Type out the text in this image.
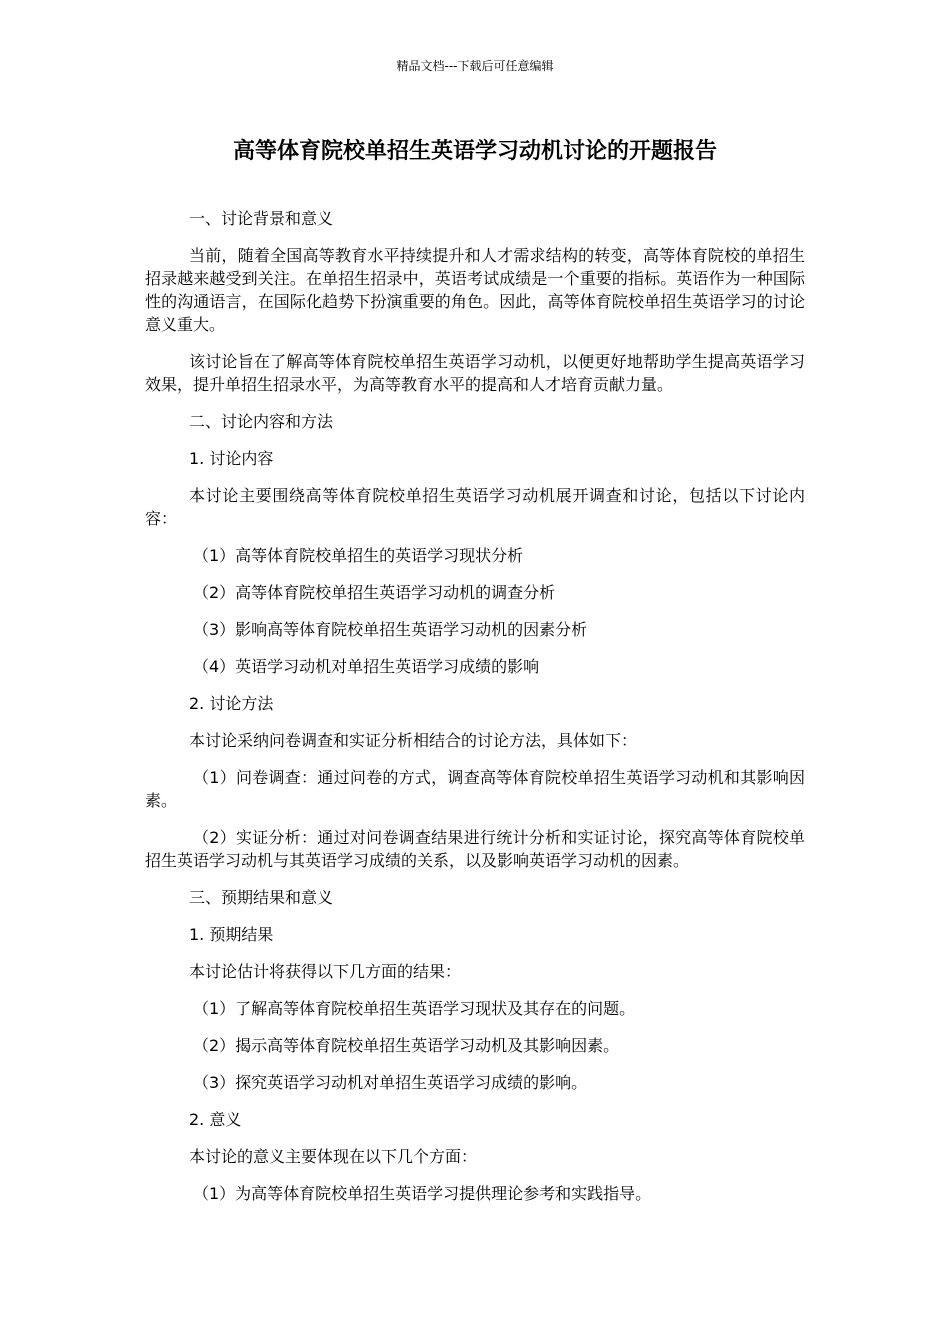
精品文档---下载后可任意编辑
高等体育院校单招生英语学习动机讨论的开题报告

一、讨论背景和意义

当前，随着全国高等教育水平持续提升和人才需求结构的转变，高等体育院校的单招生招录越来越受到关注。在单招生招录中，英语考试成绩是一个重要的指标。英语作为一种国际性的沟通语言，在国际化趋势下扮演重要的角色。因此，高等体育院校单招生英语学习的讨论意义重大。

该讨论旨在了解高等体育院校单招生英语学习动机，以便更好地帮助学生提高英语学习效果，提升单招生招录水平，为高等教育水平的提高和人才培育贡献力量。

二、讨论内容和方法

1. 讨论内容

本讨论主要围绕高等体育院校单招生英语学习动机展开调查和讨论，包括以下讨论内容：

（1）高等体育院校单招生的英语学习现状分析

（2）高等体育院校单招生英语学习动机的调查分析

（3）影响高等体育院校单招生英语学习动机的因素分析

（4）英语学习动机对单招生英语学习成绩的影响

2. 讨论方法

本讨论采纳问卷调查和实证分析相结合的讨论方法，具体如下：

（1）问卷调查：通过问卷的方式，调查高等体育院校单招生英语学习动机和其影响因素。

（2）实证分析：通过对问卷调查结果进行统计分析和实证讨论，探究高等体育院校单招生英语学习动机与其英语学习成绩的关系，以及影响英语学习动机的因素。

三、预期结果和意义

1. 预期结果

本讨论估计将获得以下几方面的结果：

（1）了解高等体育院校单招生英语学习现状及其存在的问题。

（2）揭示高等体育院校单招生英语学习动机及其影响因素。

（3）探究英语学习动机对单招生英语学习成绩的影响。

2. 意义

本讨论的意义主要体现在以下几个方面：

（1）为高等体育院校单招生英语学习提供理论参考和实践指导。
